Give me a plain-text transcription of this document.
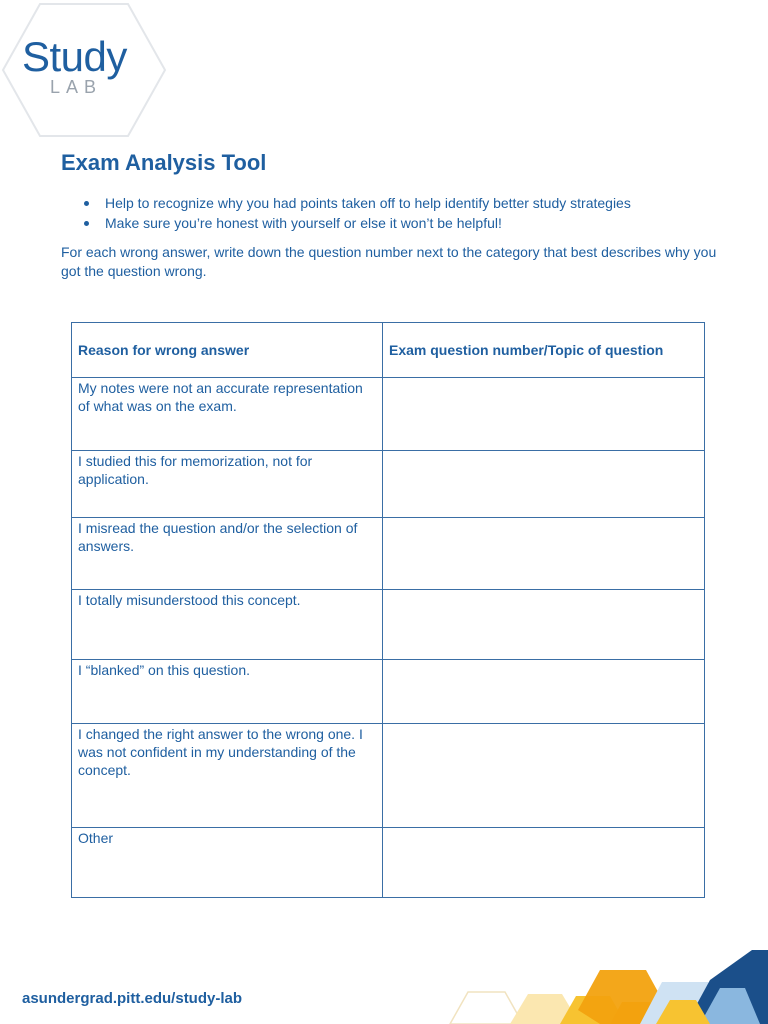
Study
LAB
Exam Analysis Tool
Help to recognize why you had points taken off to help identify better study strategies
Make sure you’re honest with yourself or else it won’t be helpful!

For each wrong answer, write down the question number next to the category that best describes why you got the question wrong.

Reason for wrong answer	Exam question number/Topic of question
My notes were not an accurate representation of what was on the exam.	
I studied this for memorization, not for application.	
I misread the question and/or the selection of answers.	
I totally misunderstood this concept.	
I “blanked” on this question.	
I changed the right answer to the wrong one. I was not confident in my understanding of the concept.	
Other	
asundergrad.pitt.edu/study-lab
